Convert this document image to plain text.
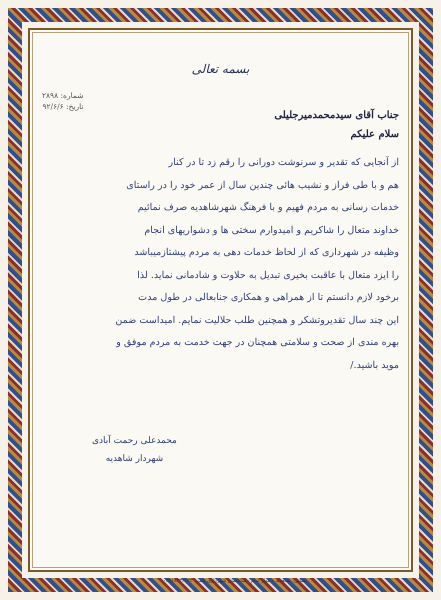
بسمه تعالی
شماره: ۲۸۹۸
تاریخ: ۹۲/۶/۶
جناب آقای سیدمحمدمیرجلیلی
سلام علیکم

از آنجایی که تقدیر و سرنوشت دورانی را رقم زد تا در کنار

هم و با طی فراز و نشیب هائی چندین سال از عمر خود را در راستای

خدمات رسانی به مردم فهیم و با فرهنگ شهرشاهدیه صرف نمائیم

خداوند متعال را شاکریم و امیدوارم سختی ها و دشواریهای انجام

وظیفه در شهرداری که از لحاظ خدمات دهی به مردم پیشتازمیباشد

را ایزد متعال با عاقبت بخیری تبدیل به حلاوت و شادمانی نماید. لذا

برخود لازم دانستم تا از همراهی و همکاری جنابعالی در طول مدت

این چند سال تقدیروتشکر و همچنین طلب حلالیت نمایم. امیداست ضمن

بهره مندی از صحت و سلامتی همچنان در جهت خدمت به مردم موفق و

موید باشید./

محمدعلی رحمت آبادی
شهردار شاهدیه
نشانی: شاهدیه - بلوار امام - ساختمان شهرداری تلفن: ۰۳۵۱۸۲۳۲۱۲۲
